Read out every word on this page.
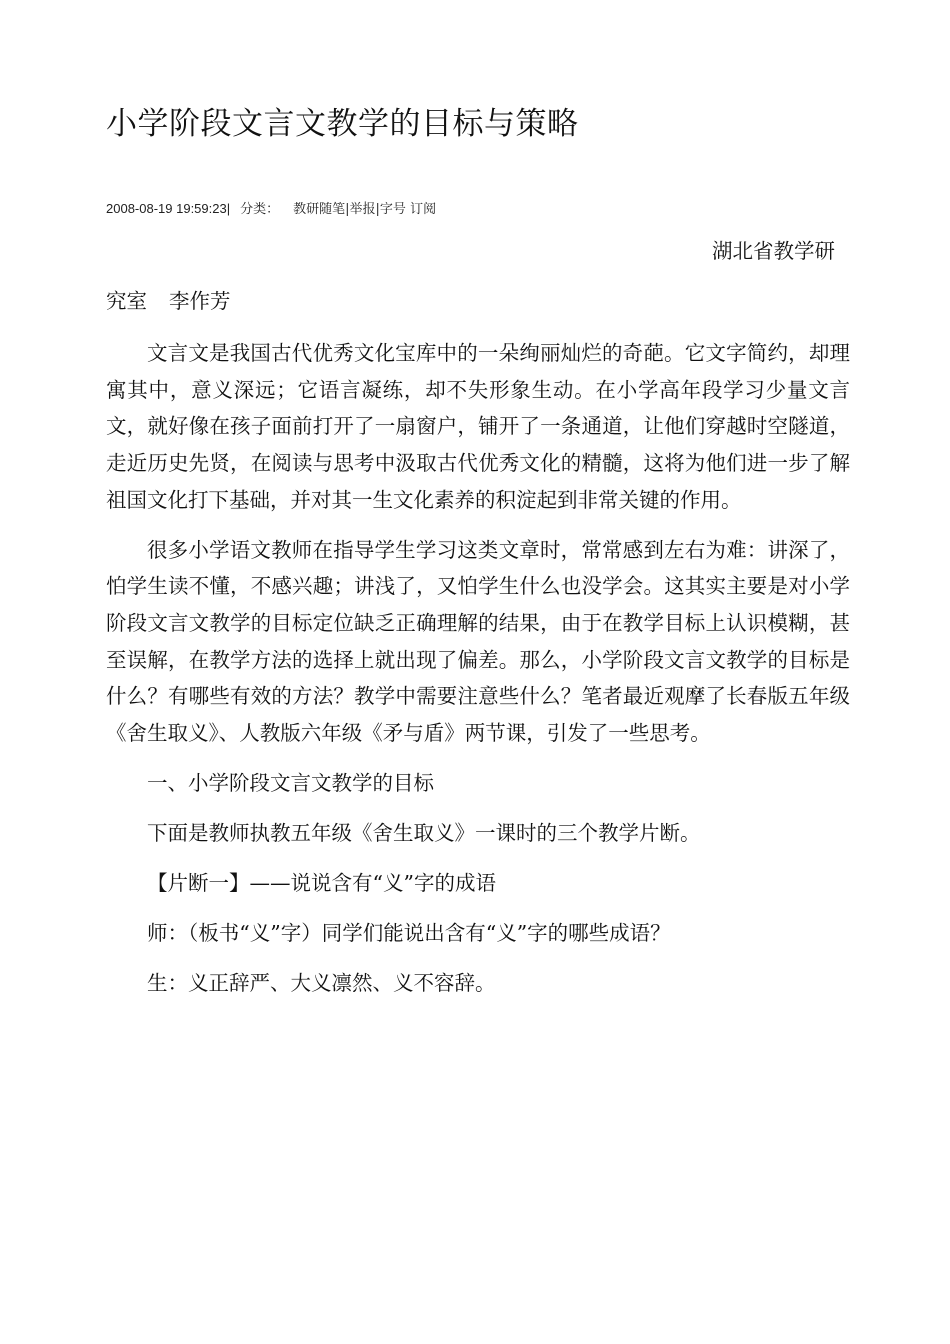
小学阶段文言文教学的目标与策略
2008-08-19 19:59:23| 分类： 教研随笔|举报|字号 订阅
湖北省教学研
究室 李作芳

文言文是我国古代优秀文化宝库中的一朵绚丽灿烂的奇葩。它文字简约，却理寓其中，意义深远；它语言凝练，却不失形象生动。在小学高年段学习少量文言文，就好像在孩子面前打开了一扇窗户，铺开了一条通道，让他们穿越时空隧道，走近历史先贤，在阅读与思考中汲取古代优秀文化的精髓，这将为他们进一步了解祖国文化打下基础，并对其一生文化素养的积淀起到非常关键的作用。

很多小学语文教师在指导学生学习这类文章时，常常感到左右为难：讲深了，怕学生读不懂，不感兴趣；讲浅了，又怕学生什么也没学会。这其实主要是对小学阶段文言文教学的目标定位缺乏正确理解的结果，由于在教学目标上认识模糊，甚至误解，在教学方法的选择上就出现了偏差。那么，小学阶段文言文教学的目标是什么？有哪些有效的方法？教学中需要注意些什么？笔者最近观摩了长春版五年级《舍生取义》、人教版六年级《矛与盾》两节课，引发了一些思考。

一、小学阶段文言文教学的目标

下面是教师执教五年级《舍生取义》一课时的三个教学片断。

【片断一】——说说含有“义”字的成语

师：（板书“义”字）同学们能说出含有“义”字的哪些成语？

生：义正辞严、大义凛然、义不容辞。
